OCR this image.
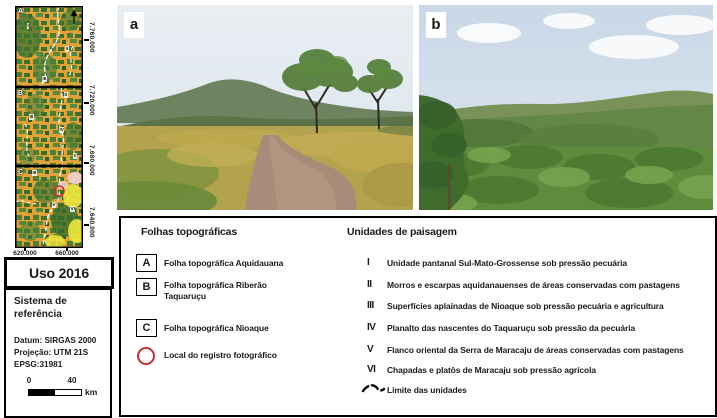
A
B
C
I
II
III
II
III
IV
V
III
V
VI
7.760.000
7.720.000
7.680.000
7.640.000
620.000	660.000
Uso 2016
Sistema de referência
Datum: SIRGAS 2000
Projeção: UTM 21S
EPSG:31981
0	40
km
a	b
Folhas topográficas
A	Folha topográfica Aquidauana
B	Folha topográfica Riberão Taquaruçu
C	Folha topográfica Nioaque
Local do registro fotográfico
Unidades de paisagem
I	Unidade pantanal Sul-Mato-Grossense sob pressão pecuária
II	Morros e escarpas aquidanauenses de áreas conservadas com pastagens
III	Superfícies aplainadas de Nioaque sob pressão pecuária e agricultura
IV	Planalto das nascentes do Taquaruçu sob pressão da pecuária
V	Flanco oriental da Serra de Maracaju de áreas conservadas com pastagens
VI	Chapadas e platôs de Maracaju sob pressão agrícola
Limite das unidades
